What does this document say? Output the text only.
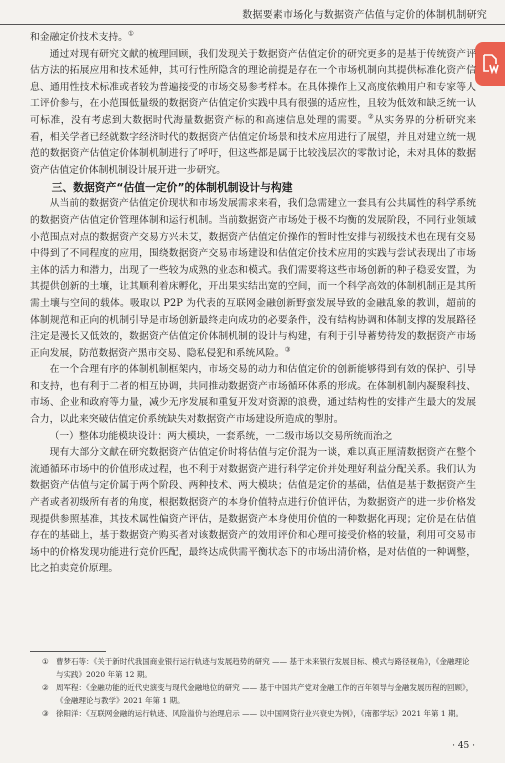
数据要素市场化与数据资产估值与定价的体制机制研究

和金融定价技术支持。①

通过对现有研究文献的梳理回顾，我们发现关于数据资产估值定价的研究更多的是基于传统资产评估方法的拓展应用和技术延伸，其可行性所隐含的理论前提是存在一个市场机制向其提供标准化资产信息、通用性技术标准或者较为普遍接受的市场交易参考样本。在具体操作上又高度依赖用户和专家等人工评价参与，在小范围低量级的数据资产估值定价实践中具有很强的适应性，且较为低效和缺乏统一认可标准，没有考虑到大数据时代海量数据资产标的和高速信息处理的需要。②从实务界的分析研究来看，相关学者已经就数字经济时代的数据资产估值定价场景和技术应用进行了展望，并且对建立统一规范的数据资产估值定价体制机制进行了呼吁，但这些都是属于比较浅层次的零散讨论，未对具体的数据资产估值定价体制机制设计展开进一步研究。

三、数据资产“估值一定价”的体制机制设计与构建

从当前的数据资产估值定价现状和市场发展需求来看，我们急需建立一套具有公共属性的科学系统的数据资产估值定价管理体制和运行机制。当前数据资产市场处于极不均衡的发展阶段，不同行业领域小范围点对点的数据资产交易方兴未艾，数据资产估值定价操作的暂时性安排与初级技术也在现有交易中得到了不同程度的应用，围绕数据资产交易市场建设和估值定价技术应用的实践与尝试表现出了市场主体的活力和潜力，出现了一些较为成熟的业态和模式。我们需要将这些市场创新的种子稳妥安置，为其提供创新的土壤，让其顺利着床孵化，开出果实结出宽的空间，而一个科学高效的体制机制正是其所需土壤与空间的载体。吸取以 P2P 为代表的互联网金融创新野蛮发展导致的金融乱象的教训，超前的体制规范和正向的机制引导是市场创新最终走向成功的必要条件，没有结构协调和体制支撑的发展路径注定是漫长又低效的，数据资产估值定价体制机制的设计与构建，有利于引导蓄势待发的数据资产市场正向发展，防范数据资产黑市交易、隐私侵犯和系统风险。③

在一个合理有序的体制机制框架内，市场交易的动力和估值定价的创新能够得到有效的保护、引导和支持，也有利于二者的相互协调，共同推动数据资产市场循环体系的形成。在体制机制内凝聚科技、市场、企业和政府等力量，减少无序发展和重复开发对资源的浪费，通过结构性的安排产生最大的发展合力，以此来突破估值定价系统缺失对数据资产市场建设所造成的掣肘。

（一）整体功能模块设计：两大模块，一套系统，一二级市场以交易所统而治之

现有大部分文献在研究数据资产估值定价时将估值与定价混为一谈，难以真正厘清数据资产在整个流通循环市场中的价值形成过程，也不利于对数据资产进行科学定价并处理好利益分配关系。我们认为数据资产估值与定价属于两个阶段、两种技术、两大模块；估值是定价的基础，估值是基于数据资产生产者或者初级所有者的角度，根据数据资产的本身价值特点进行价值评估，为数据资产的进一步价格发现提供参照基准，其技术属性偏资产评估，是数据资产本身使用价值的一种数据化再现；定价是在估值存在的基础上，基于数据资产购买者对该数据资产的效用评价和心理可接受价格的较量，利用可交易市场中的价格发现功能进行竞价匹配，最终达成供需平衡状态下的市场出清价格，是对估值的一种调整，比之拍卖竞价原理。

① 曹梦石等：《关于新时代我国商业银行运行轨迹与发展趋势的研究 —— 基于未来银行发展目标、模式与路径视角》，《金融理论与实践》2020 年第 12 期。

② 周军程：《金融功能的近代史演变与现代金融地位的研究 —— 基于中国共产党对金融工作的百年领导与金融发展历程的回顾》，《金融理论与教学》2021 年第 1 期。

③ 徐阳洋：《互联网金融的运行轨迹、风险溢价与治理启示 —— 以中国网贷行业兴衰史为例》，《南都学坛》2021 年第 1 期。

· 45 ·
